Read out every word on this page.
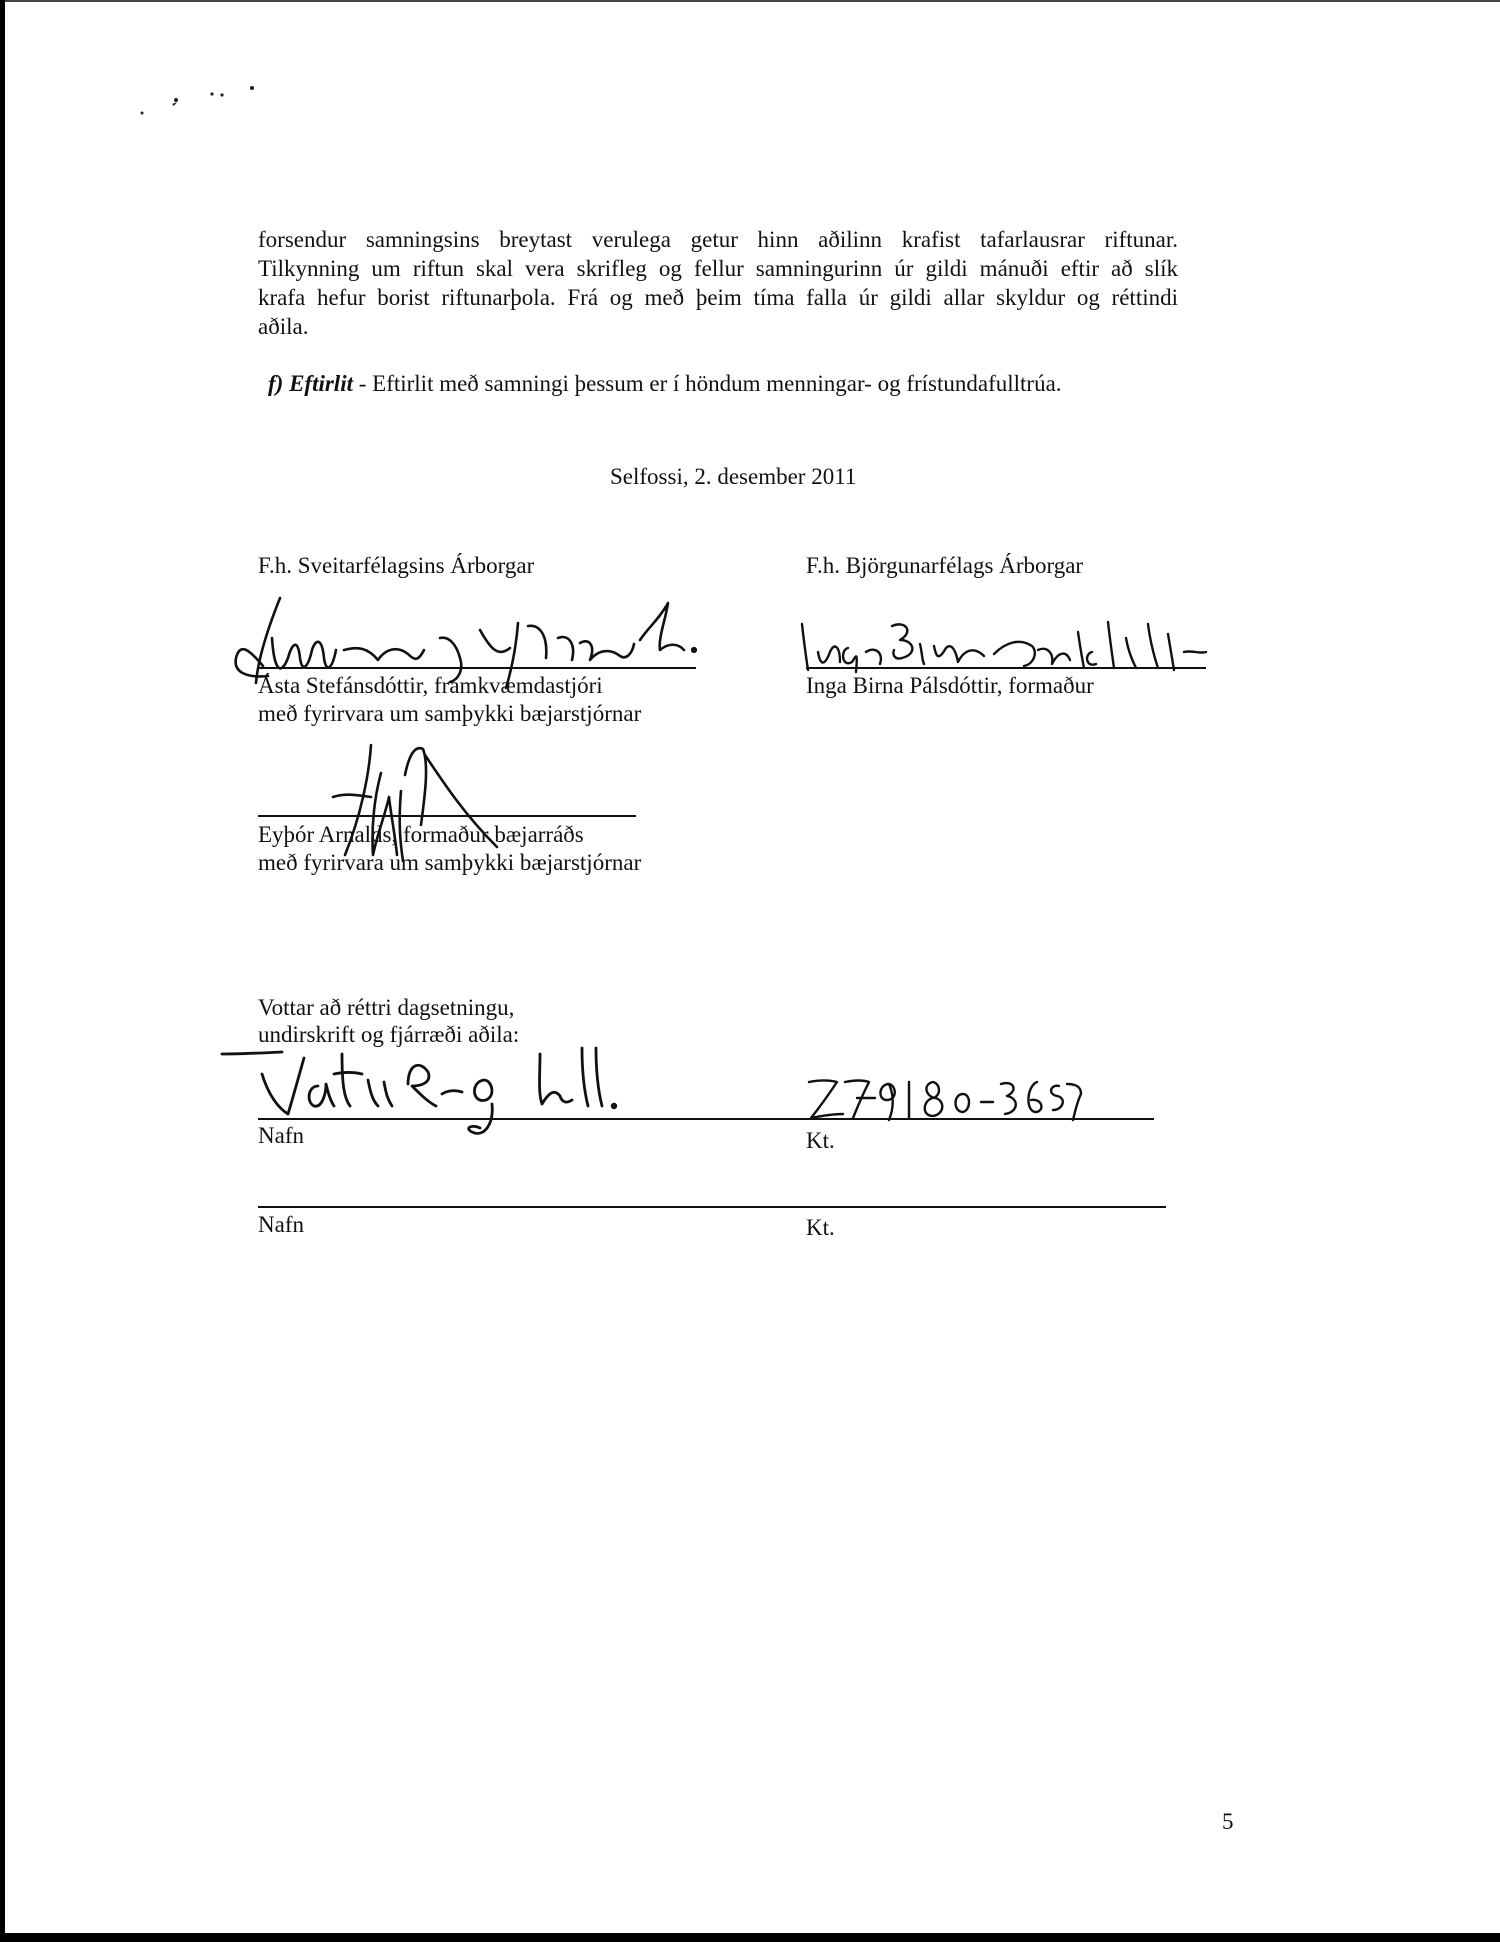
forsendur samningsins breytast verulega getur hinn aðilinn krafist tafarlausrar riftunar.
Tilkynning um riftun skal vera skrifleg og fellur samningurinn úr gildi mánuði eftir að slík
krafa hefur borist riftunarþola. Frá og með þeim tíma falla úr gildi allar skyldur og réttindi
aðila.
f) Eftirlit - Eftirlit með samningi þessum er í höndum menningar- og frístundafulltrúa.
Selfossi, 2. desember 2011
F.h. Sveitarfélagsins Árborgar	F.h. Björgunarfélags Árborgar
Ásta Stefánsdóttir, framkvæmdastjóri
með fyrirvara um samþykki bæjarstjórnar
Inga Birna Pálsdóttir, formaður
Eyþór Arnalds, formaður bæjarráðs
með fyrirvara um samþykki bæjarstjórnar
Vottar að réttri dagsetningu,
undirskrift og fjárræði aðila:
Nafn	Kt.
Nafn	Kt.
5
